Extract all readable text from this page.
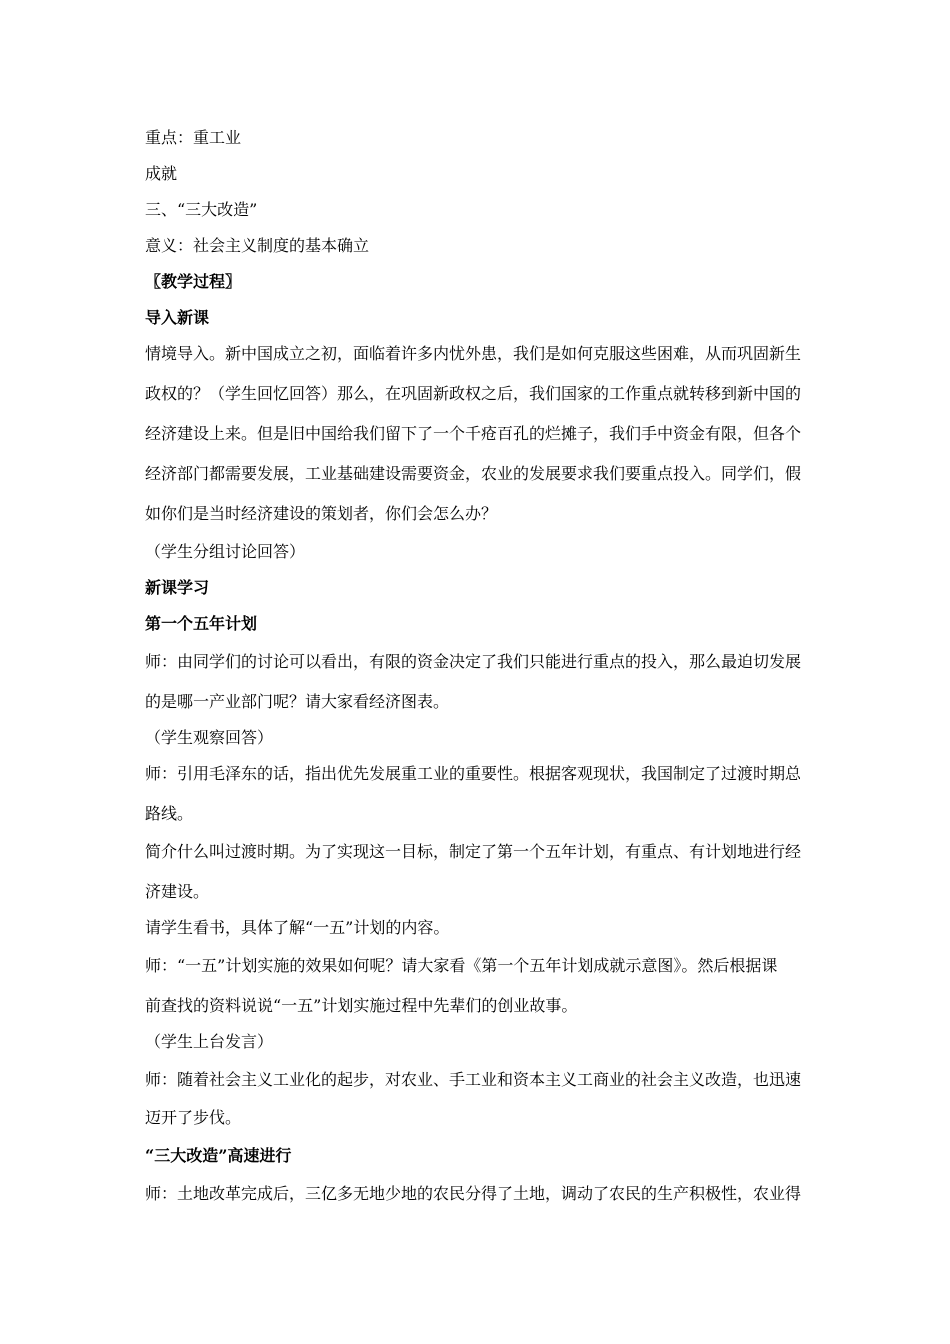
重点：重工业
成就
三、“三大改造”
意义：社会主义制度的基本确立
〖教学过程〗
导入新课
情境导入。新中国成立之初，面临着许多内忧外患，我们是如何克服这些困难，从而巩固新生
政权的？（学生回忆回答）那么，在巩固新政权之后，我们国家的工作重点就转移到新中国的
经济建设上来。但是旧中国给我们留下了一个千疮百孔的烂摊子，我们手中资金有限，但各个
经济部门都需要发展，工业基础建设需要资金，农业的发展要求我们要重点投入。同学们，假
如你们是当时经济建设的策划者，你们会怎么办？
（学生分组讨论回答）
新课学习
第一个五年计划
师：由同学们的讨论可以看出，有限的资金决定了我们只能进行重点的投入，那么最迫切发展
的是哪一产业部门呢？请大家看经济图表。
（学生观察回答）
师：引用毛泽东的话，指出优先发展重工业的重要性。根据客观现状，我国制定了过渡时期总
路线。
简介什么叫过渡时期。为了实现这一目标，制定了第一个五年计划，有重点、有计划地进行经
济建设。
请学生看书，具体了解“一五”计划的内容。
师：“一五”计划实施的效果如何呢？请大家看《第一个五年计划成就示意图》。然后根据课
前查找的资料说说“一五”计划实施过程中先辈们的创业故事。
（学生上台发言）
师：随着社会主义工业化的起步，对农业、手工业和资本主义工商业的社会主义改造，也迅速
迈开了步伐。
“三大改造”高速进行
师：土地改革完成后，三亿多无地少地的农民分得了土地，调动了农民的生产积极性，农业得
